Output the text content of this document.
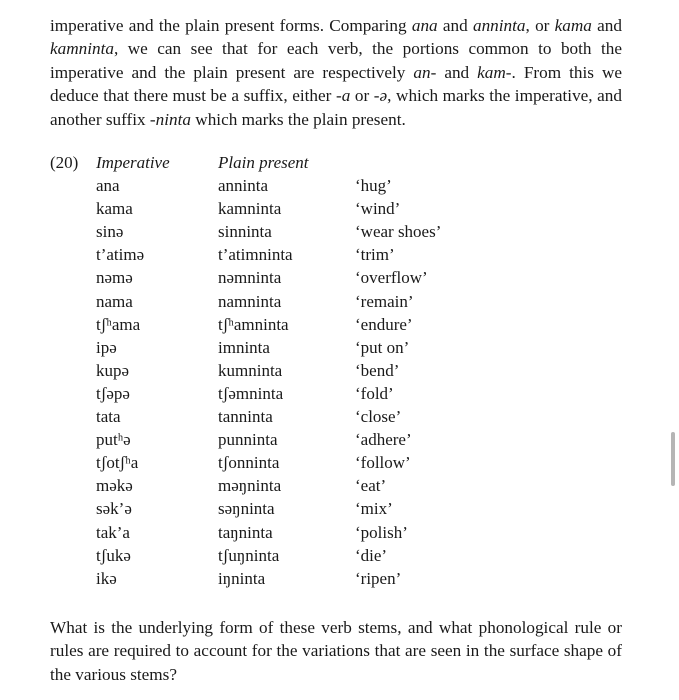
imperative and the plain present forms. Comparing ana and anninta, or kama and kamninta, we can see that for each verb, the portions common to both the imperative and the plain present are respectively an- and kam-. From this we deduce that there must be a suffix, either -a or -ə, which marks the imperative, and another suffix -ninta which marks the plain present.

(20) Imperative	Plain present
ana	anninta	‘hug’
kama	kamninta	‘wind’
sinə	sinninta	‘wear shoes’
t’atimə	t’atimninta	‘trim’
nəmə	nəmninta	‘overflow’
nama	namninta	‘remain’
tʃʰama	tʃʰamninta	‘endure’
ipə	imninta	‘put on’
kupə	kumninta	‘bend’
tʃəpə	tʃəmninta	‘fold’
tata	tanninta	‘close’
putʰə	punninta	‘adhere’
tʃotʃʰa	tʃonninta	‘follow’
məkə	məŋninta	‘eat’
sək’ə	səŋninta	‘mix’
tak’a	taŋninta	‘polish’
tʃukə	tʃuŋninta	‘die’
ikə	iŋninta	‘ripen’

What is the underlying form of these verb stems, and what phonological rule or rules are required to account for the variations that are seen in the surface shape of the various stems?
